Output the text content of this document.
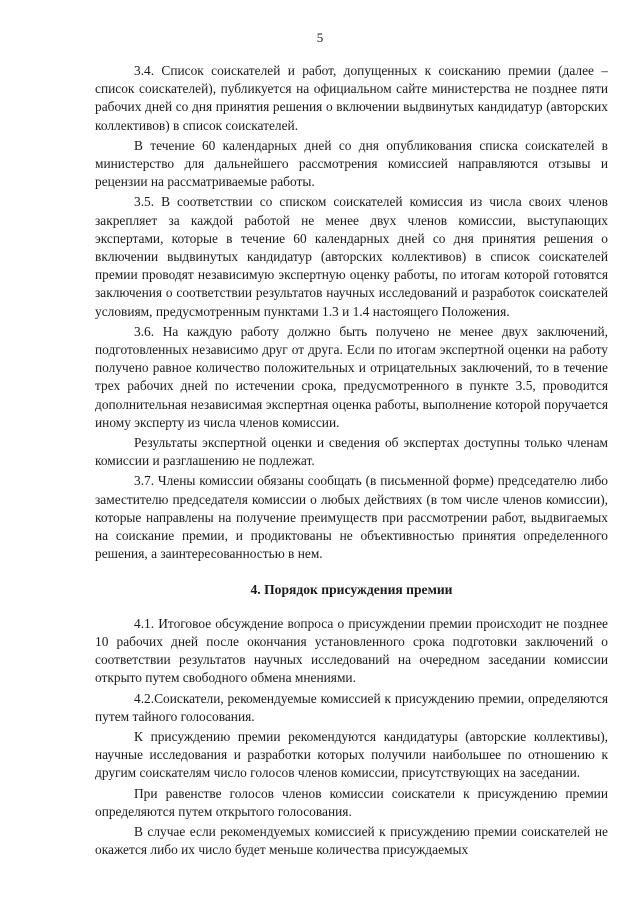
5

3.4. Список соискателей и работ, допущенных к соисканию премии (далее – список соискателей), публикуется на официальном сайте министерства не позднее пяти рабочих дней со дня принятия решения о включении выдвинутых кандидатур (авторских коллективов) в список соискателей.

В течение 60 календарных дней со дня опубликования списка соискателей в министерство для дальнейшего рассмотрения комиссией направляются отзывы и рецензии на рассматриваемые работы.

3.5. В соответствии со списком соискателей комиссия из числа своих членов закрепляет за каждой работой не менее двух членов комиссии, выступающих экспертами, которые в течение 60 календарных дней со дня принятия решения о включении выдвинутых кандидатур (авторских коллективов) в список соискателей премии проводят независимую экспертную оценку работы, по итогам которой готовятся заключения о соответствии результатов научных исследований и разработок соискателей условиям, предусмотренным пунктами 1.3 и 1.4 настоящего Положения.

3.6. На каждую работу должно быть получено не менее двух заключений, подготовленных независимо друг от друга. Если по итогам экспертной оценки на работу получено равное количество положительных и отрицательных заключений, то в течение трех рабочих дней по истечении срока, предусмотренного в пункте 3.5, проводится дополнительная независимая экспертная оценка работы, выполнение которой поручается иному эксперту из числа членов комиссии.

Результаты экспертной оценки и сведения об экспертах доступны только членам комиссии и разглашению не подлежат.

3.7. Члены комиссии обязаны сообщать (в письменной форме) председателю либо заместителю председателя комиссии о любых действиях (в том числе членов комиссии), которые направлены на получение преимуществ при рассмотрении работ, выдвигаемых на соискание премии, и продиктованы не объективностью принятия определенного решения, а заинтересованностью в нем.

4. Порядок присуждения премии

4.1. Итоговое обсуждение вопроса о присуждении премии происходит не позднее 10 рабочих дней после окончания установленного срока подготовки заключений о соответствии результатов научных исследований на очередном заседании комиссии открыто путем свободного обмена мнениями.

4.2.Соискатели, рекомендуемые комиссией к присуждению премии, определяются путем тайного голосования.

К присуждению премии рекомендуются кандидатуры (авторские коллективы), научные исследования и разработки которых получили наибольшее по отношению к другим соискателям число голосов членов комиссии, присутствующих на заседании.

При равенстве голосов членов комиссии соискатели к присуждению премии определяются путем открытого голосования.

В случае если рекомендуемых комиссией к присуждению премии соискателей не окажется либо их число будет меньше количества присуждаемых
